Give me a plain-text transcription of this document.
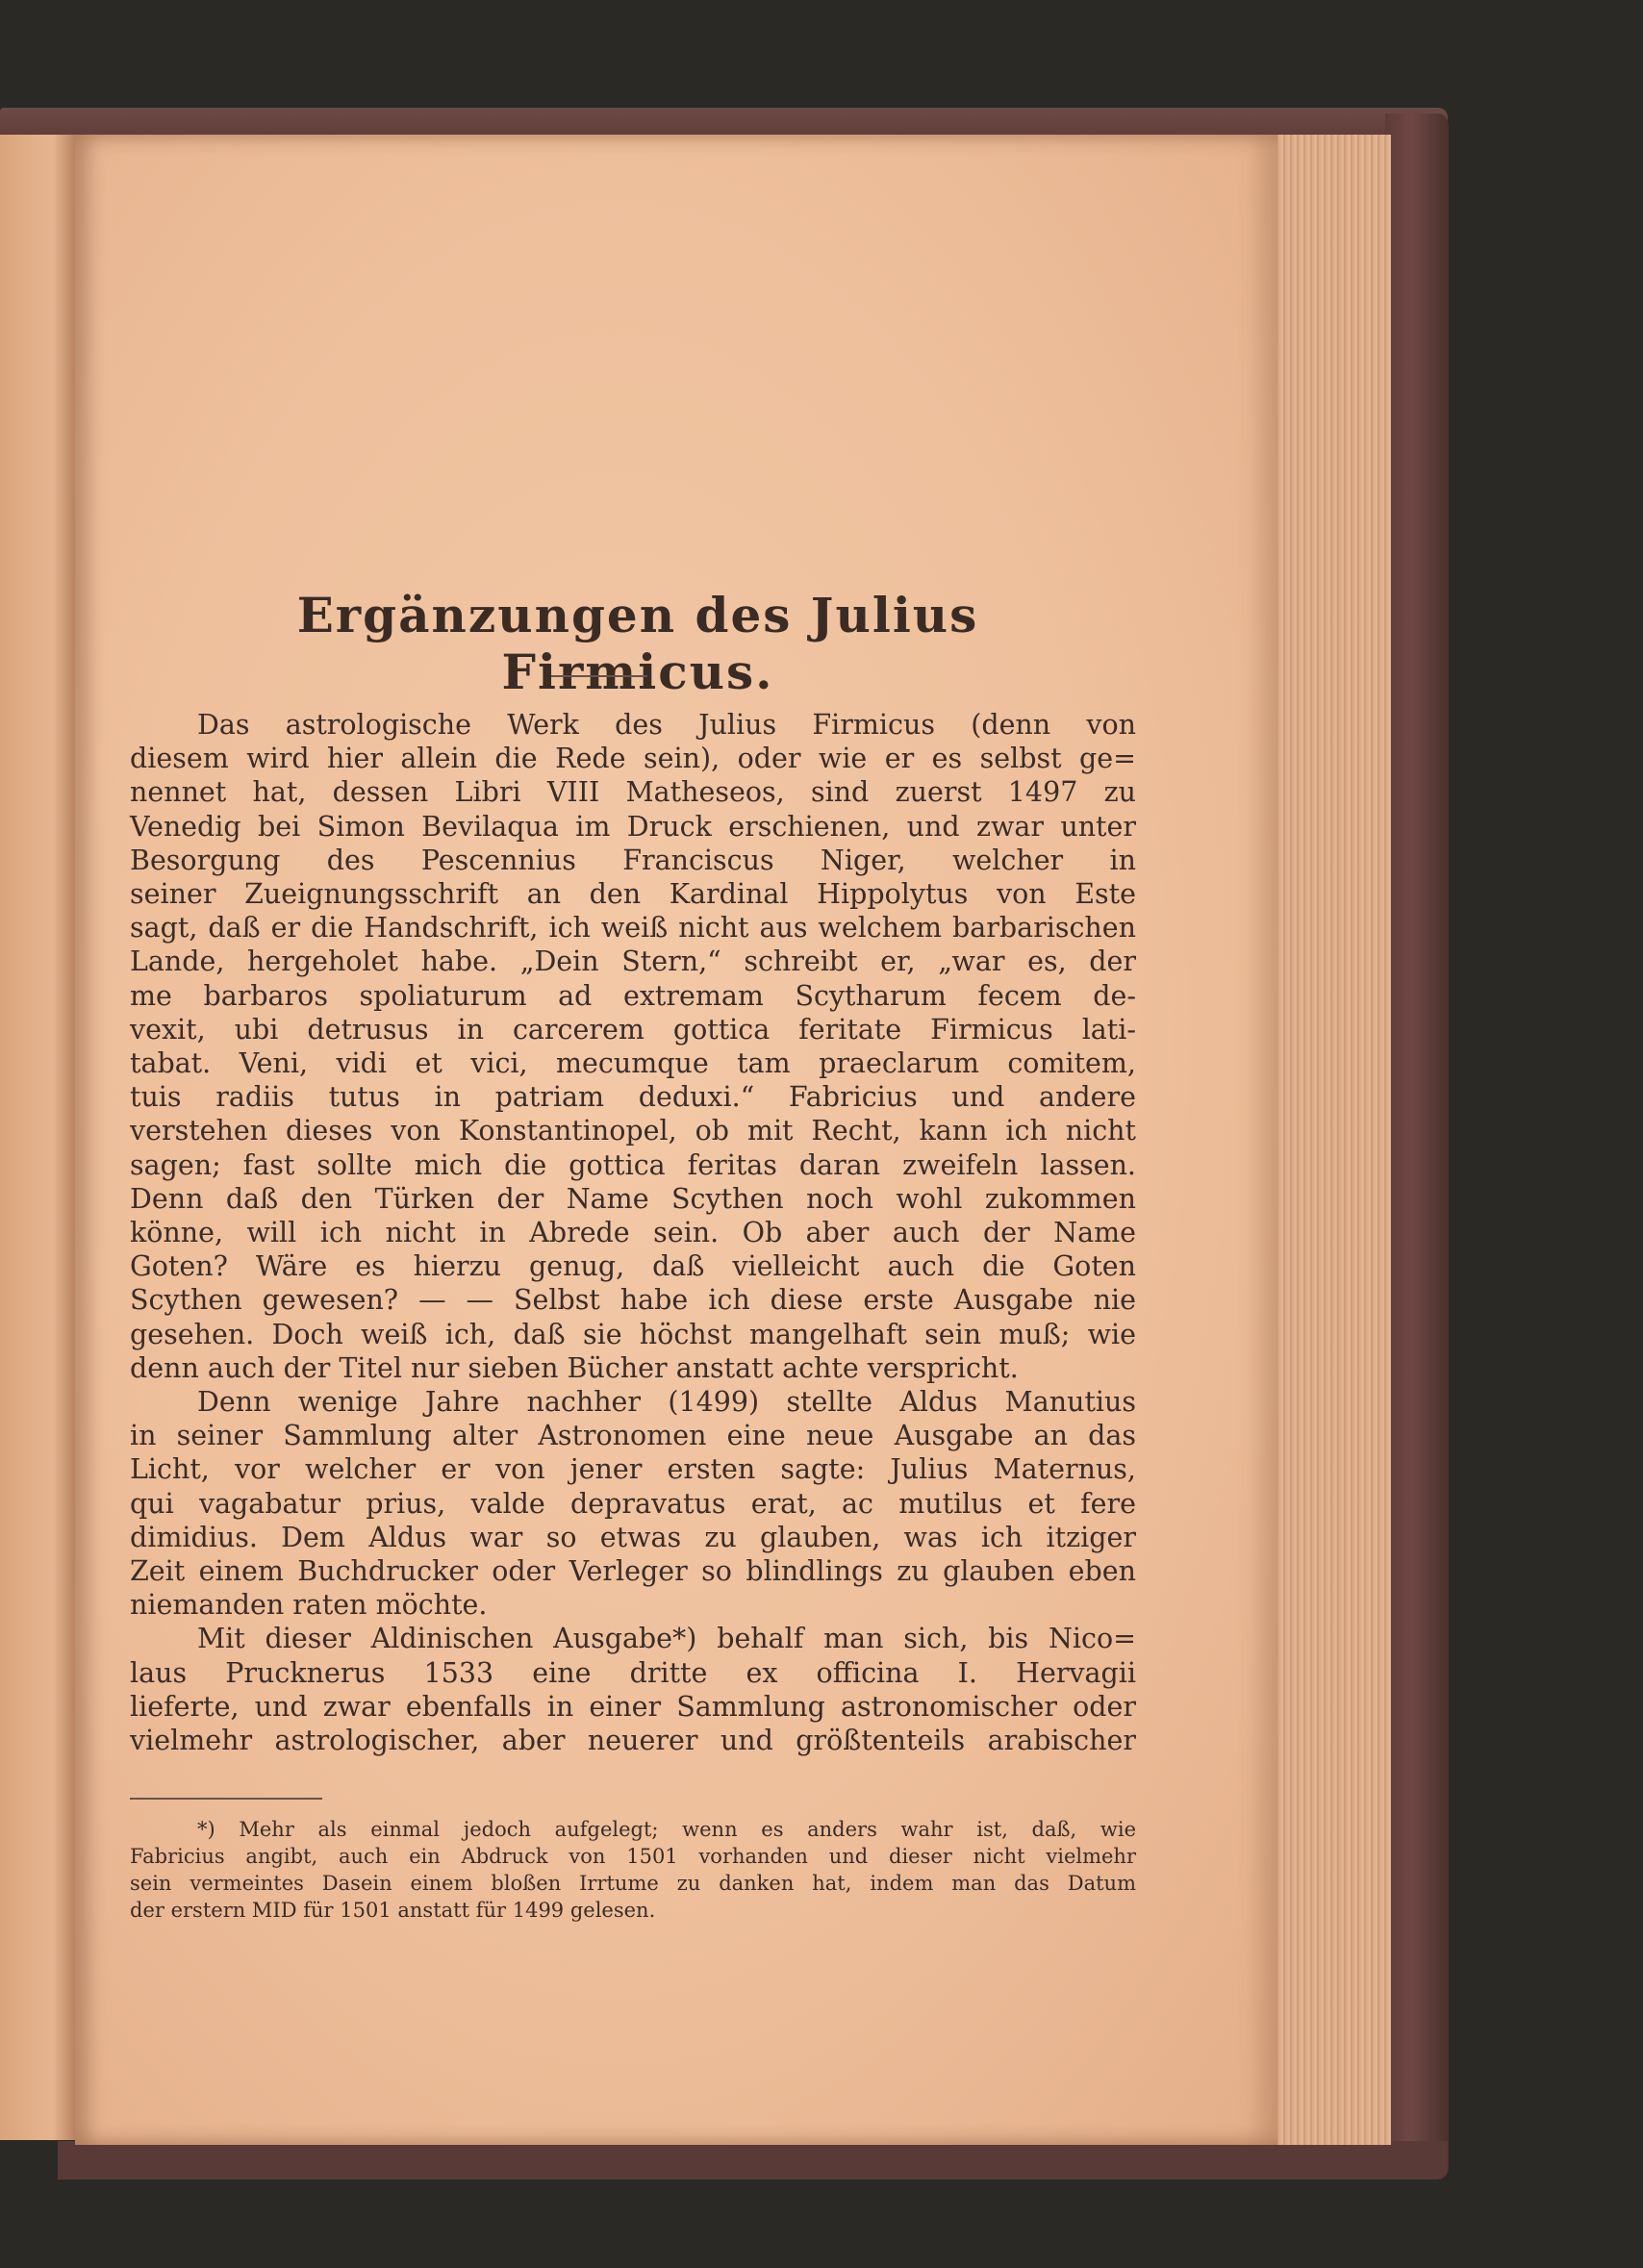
Ergänzungen des Julius Firmicus.
Das astrologische Werk des Julius Firmicus (denn von
diesem wird hier allein die Rede sein), oder wie er es selbst ge=
nennet hat, dessen Libri VIII Matheseos, sind zuerst 1497 zu
Venedig bei Simon Bevilaqua im Druck erschienen, und zwar unter
Besorgung des Pescennius Franciscus Niger, welcher in
seiner Zueignungsschrift an den Kardinal Hippolytus von Este
sagt, daß er die Handschrift, ich weiß nicht aus welchem barbarischen
Lande, hergeholet habe. „Dein Stern,“ schreibt er, „war es, der
me barbaros spoliaturum ad extremam Scytharum fecem de-
vexit, ubi detrusus in carcerem gottica feritate Firmicus lati-
tabat. Veni, vidi et vici, mecumque tam praeclarum comitem,
tuis radiis tutus in patriam deduxi.“ Fabricius und andere
verstehen dieses von Konstantinopel, ob mit Recht, kann ich nicht
sagen; fast sollte mich die gottica feritas daran zweifeln lassen.
Denn daß den Türken der Name Scythen noch wohl zukommen
könne, will ich nicht in Abrede sein. Ob aber auch der Name
Goten? Wäre es hierzu genug, daß vielleicht auch die Goten
Scythen gewesen? — — Selbst habe ich diese erste Ausgabe nie
gesehen. Doch weiß ich, daß sie höchst mangelhaft sein muß; wie
denn auch der Titel nur sieben Bücher anstatt achte verspricht.
Denn wenige Jahre nachher (1499) stellte Aldus Manutius
in seiner Sammlung alter Astronomen eine neue Ausgabe an das
Licht, vor welcher er von jener ersten sagte: Julius Maternus,
qui vagabatur prius, valde depravatus erat, ac mutilus et fere
dimidius. Dem Aldus war so etwas zu glauben, was ich itziger
Zeit einem Buchdrucker oder Verleger so blindlings zu glauben eben
niemanden raten möchte.
Mit dieser Aldinischen Ausgabe*) behalf man sich, bis Nico=
laus Prucknerus 1533 eine dritte ex officina I. Hervagii
lieferte, und zwar ebenfalls in einer Sammlung astronomischer oder
vielmehr astrologischer, aber neuerer und größtenteils arabischer
*) Mehr als einmal jedoch aufgelegt; wenn es anders wahr ist, daß, wie
Fabricius angibt, auch ein Abdruck von 1501 vorhanden und dieser nicht vielmehr
sein vermeintes Dasein einem bloßen Irrtume zu danken hat, indem man das Datum
der erstern MID für 1501 anstatt für 1499 gelesen.
